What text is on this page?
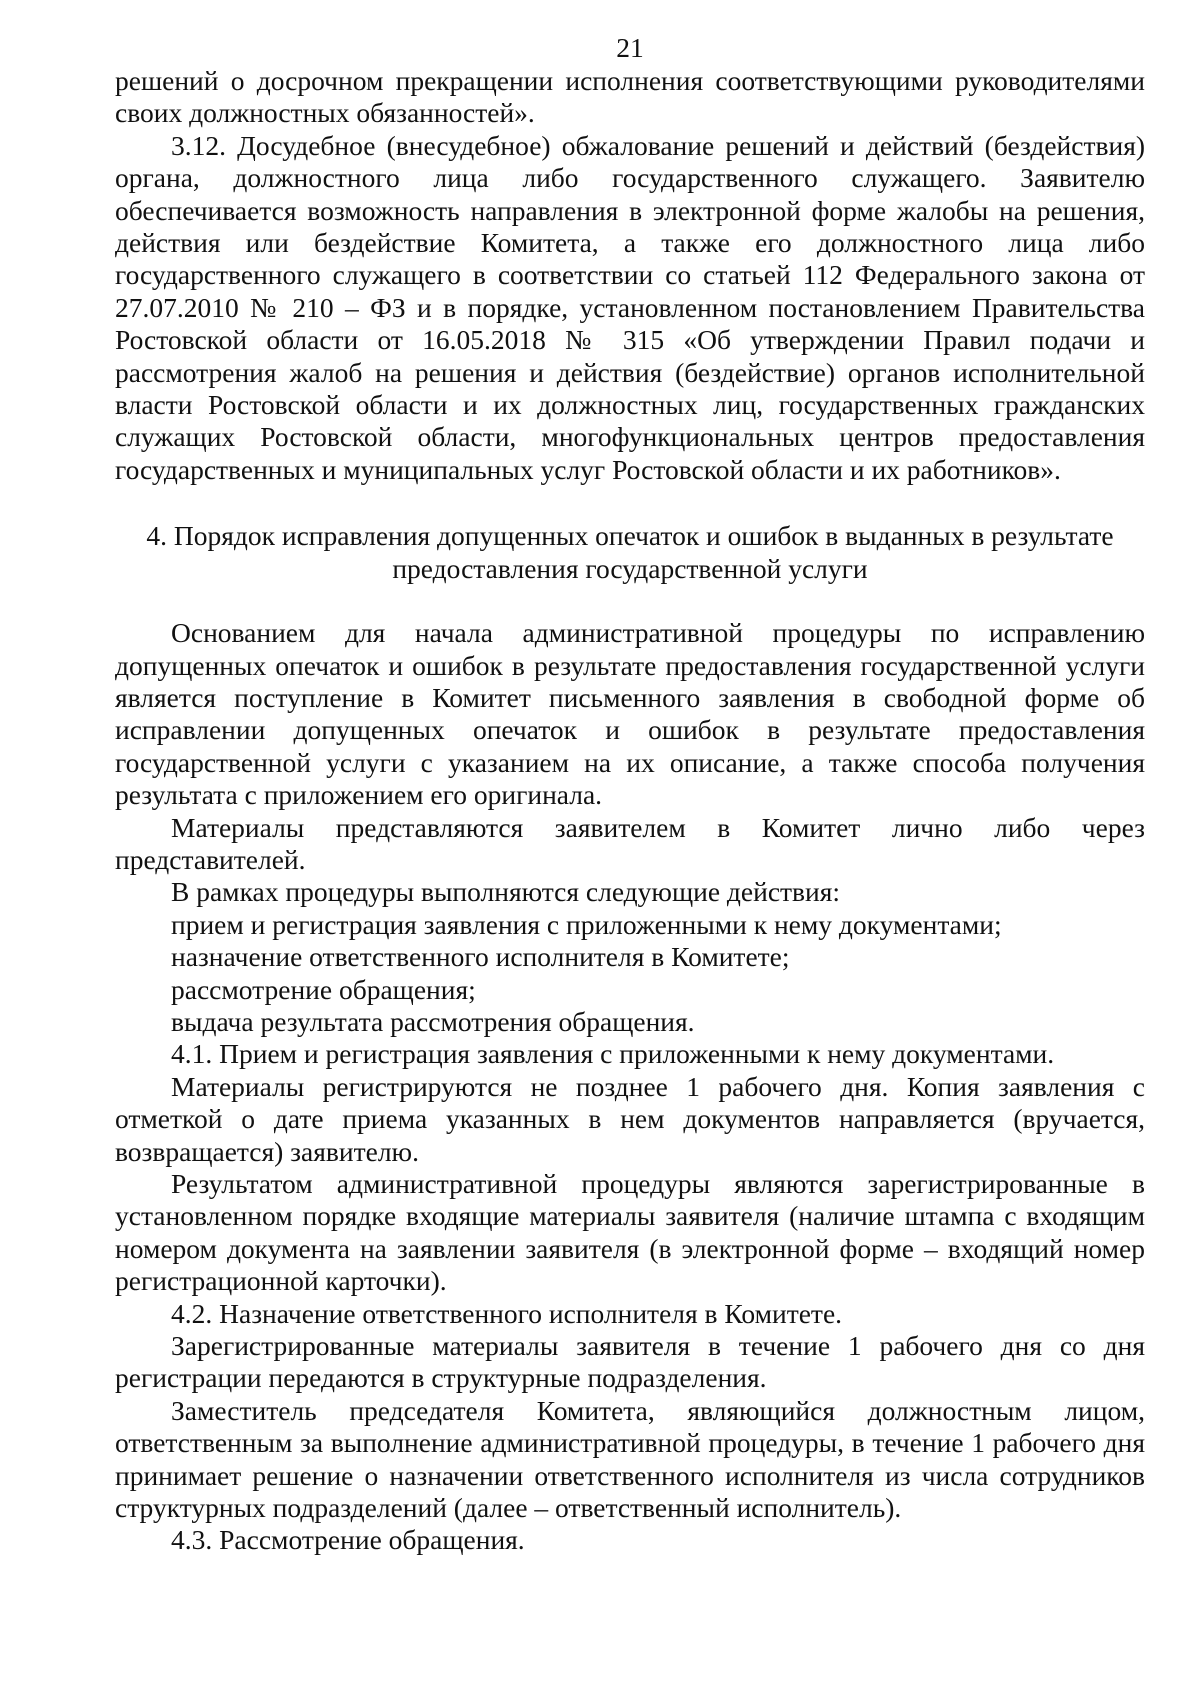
21

решений о досрочном прекращении исполнения соответствующими руководителями своих должностных обязанностей».

3.12. Досудебное (внесудебное) обжалование решений и действий (бездействия) органа, должностного лица либо государственного служащего. Заявителю обеспечивается возможность направления в электронной форме жалобы на решения, действия или бездействие Комитета, а также его должностного лица либо государственного служащего в соответствии со статьей 112 Федерального закона от 27.07.2010 № 210 – ФЗ и в порядке, установленном постановлением Правительства Ростовской области от 16.05.2018 № 315 «Об утверждении Правил подачи и рассмотрения жалоб на решения и действия (бездействие) органов исполнительной власти Ростовской области и их должностных лиц, государственных гражданских служащих Ростовской области, многофункциональных центров предоставления государственных и муниципальных услуг Ростовской области и их работников».

4. Порядок исправления допущенных опечаток и ошибок в выданных в результате
предоставления государственной услуги

Основанием для начала административной процедуры по исправлению допущенных опечаток и ошибок в результате предоставления государственной услуги является поступление в Комитет письменного заявления в свободной форме об исправлении допущенных опечаток и ошибок в результате предоставления государственной услуги с указанием на их описание, а также способа получения результата с приложением его оригинала.

Материалы представляются заявителем в Комитет лично либо через представителей.

В рамках процедуры выполняются следующие действия:

прием и регистрация заявления с приложенными к нему документами;

назначение ответственного исполнителя в Комитете;

рассмотрение обращения;

выдача результата рассмотрения обращения.

4.1. Прием и регистрация заявления с приложенными к нему документами.

Материалы регистрируются не позднее 1 рабочего дня. Копия заявления с отметкой о дате приема указанных в нем документов направляется (вручается, возвращается) заявителю.

Результатом административной процедуры являются зарегистрированные в установленном порядке входящие материалы заявителя (наличие штампа с входящим номером документа на заявлении заявителя (в электронной форме – входящий номер регистрационной карточки).

4.2. Назначение ответственного исполнителя в Комитете.

Зарегистрированные материалы заявителя в течение 1 рабочего дня со дня регистрации передаются в структурные подразделения.

Заместитель председателя Комитета, являющийся должностным лицом, ответственным за выполнение административной процедуры, в течение 1 рабочего дня принимает решение о назначении ответственного исполнителя из числа сотрудников структурных подразделений (далее – ответственный исполнитель).

4.3. Рассмотрение обращения.
